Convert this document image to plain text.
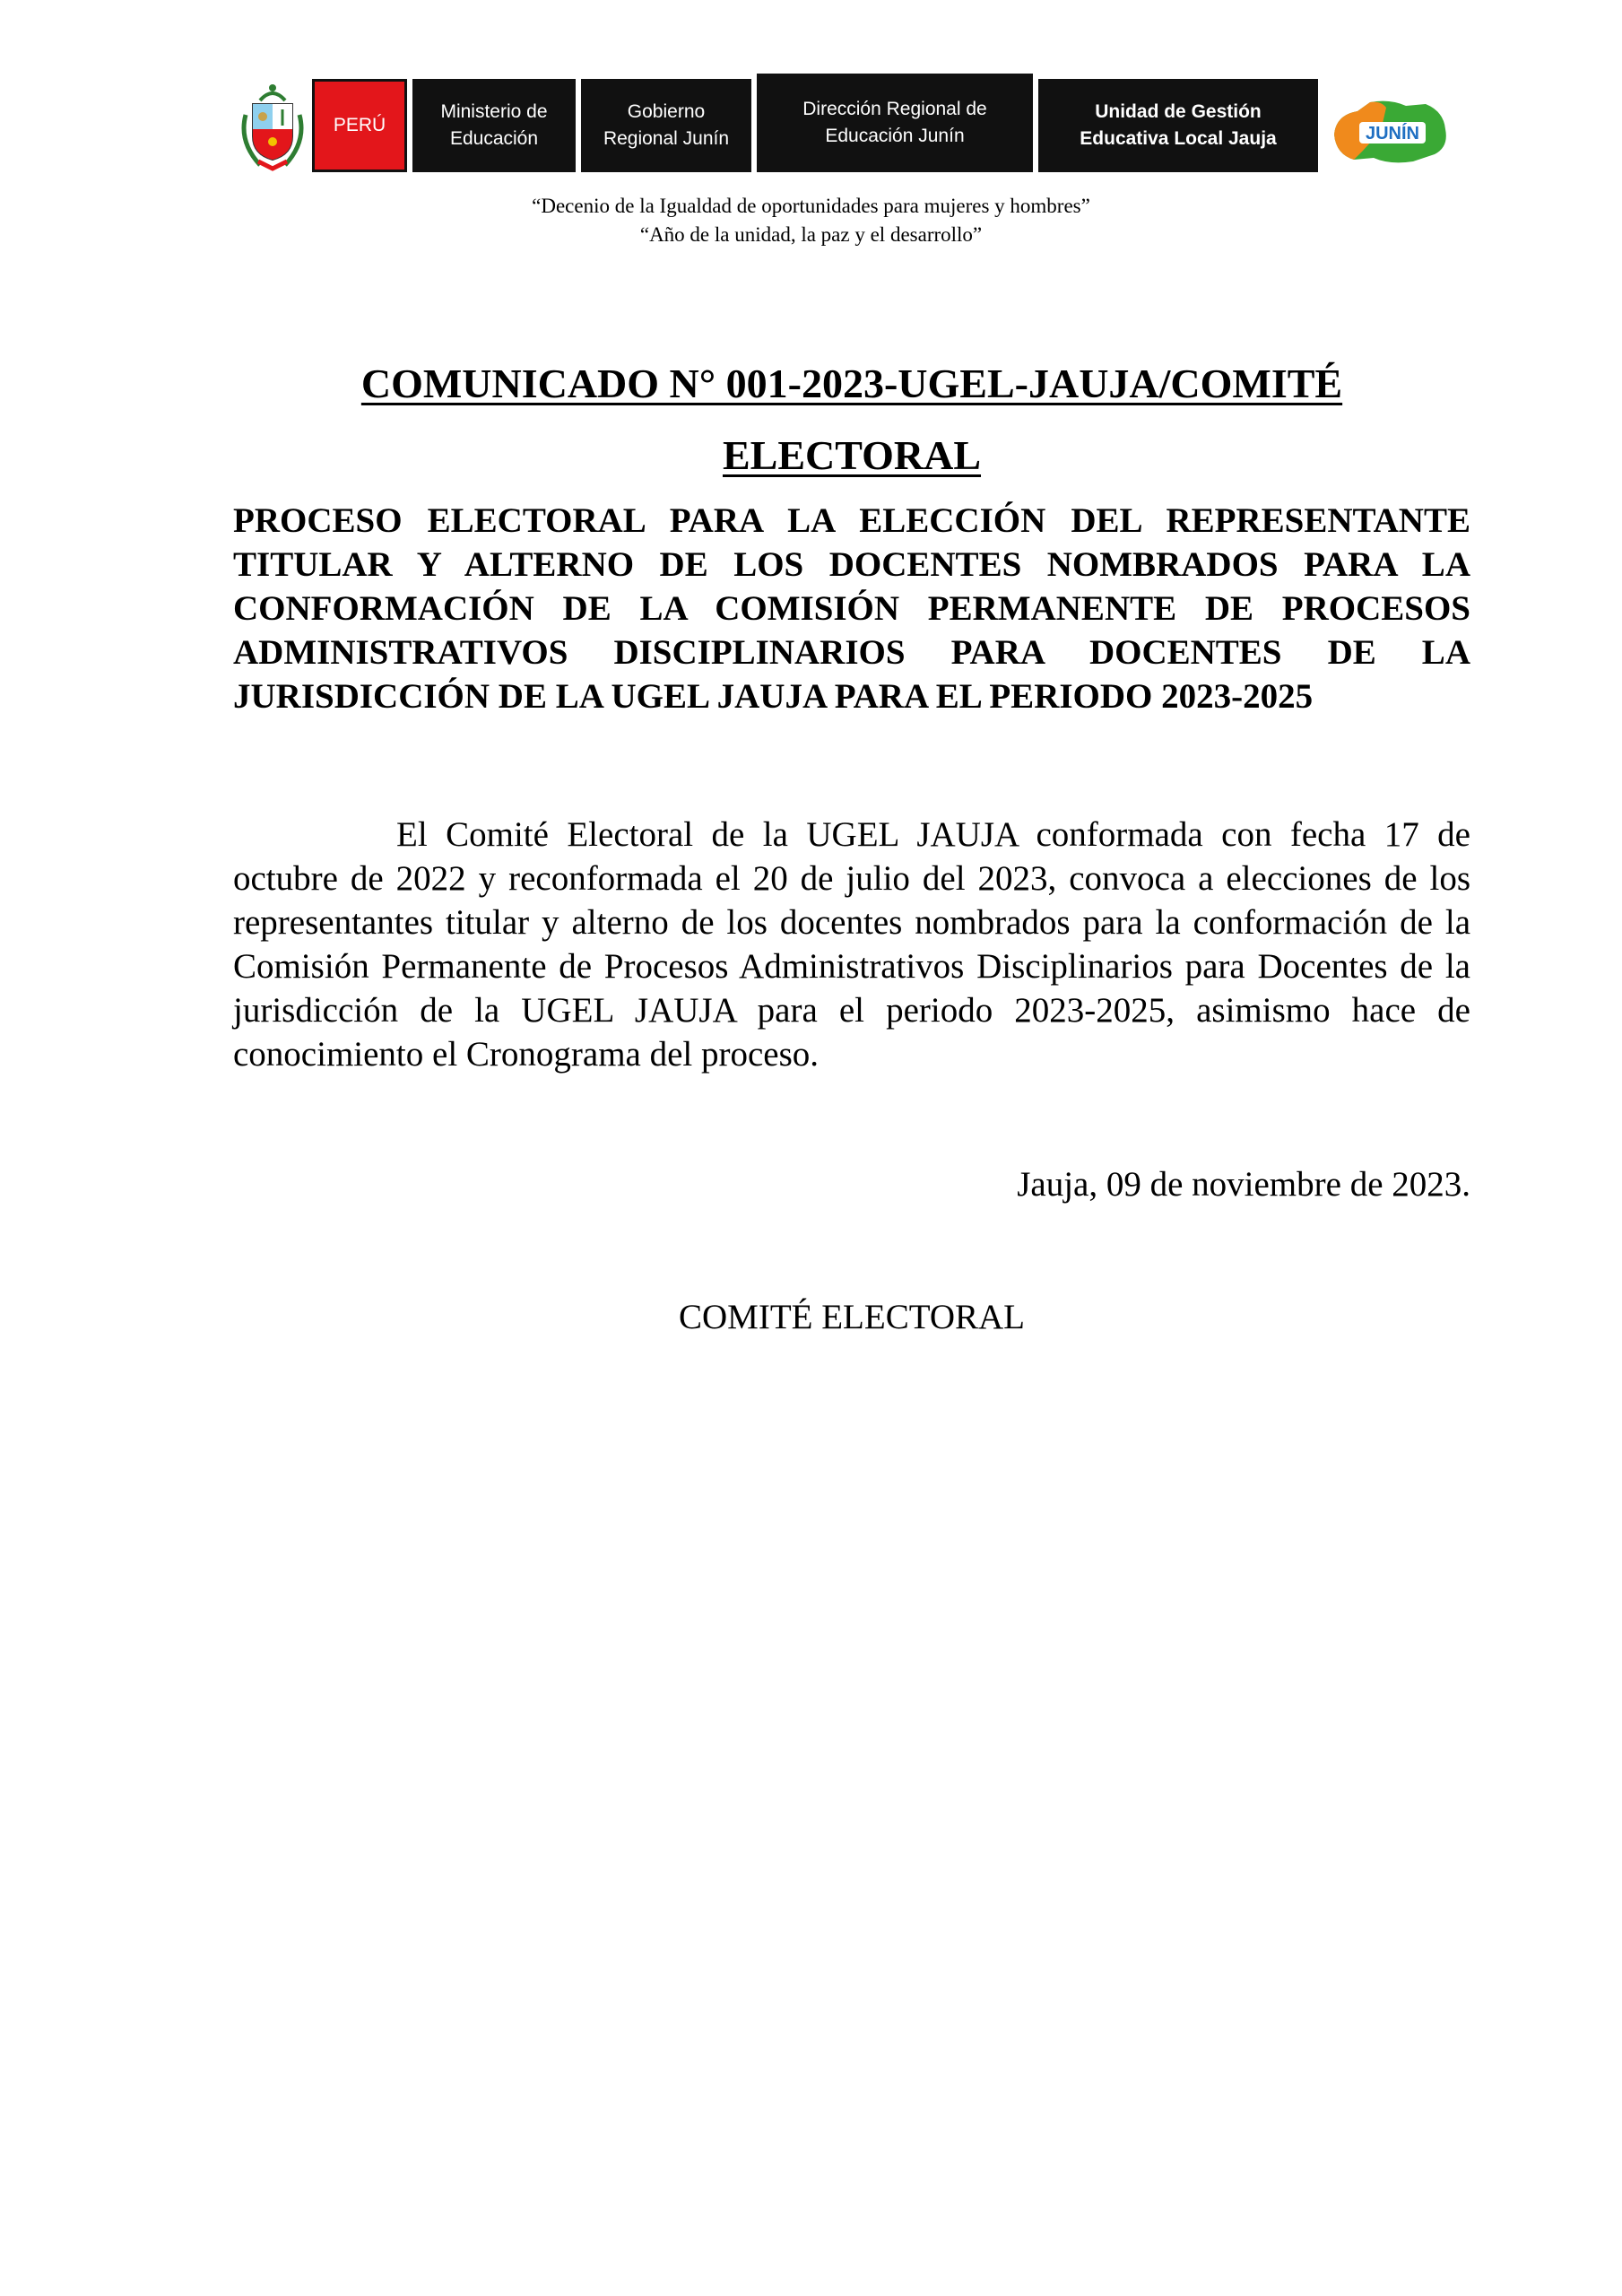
PERÚ
Ministerio de
Educación
Gobierno
Regional Junín
Dirección Regional de
Educación Junín
Unidad de Gestión
Educativa Local Jauja	JUNÍN
“Decenio de la Igualdad de oportunidades para mujeres y hombres”
“Año de la unidad, la paz y el desarrollo”
COMUNICADO N° 001-2023-UGEL-JAUJA/COMITÉ
ELECTORAL
PROCESO ELECTORAL PARA LA ELECCIÓN DEL REPRESENTANTE TITULAR Y ALTERNO DE LOS DOCENTES NOMBRADOS PARA LA CONFORMACIÓN DE LA COMISIÓN PERMANENTE DE PROCESOS ADMINISTRATIVOS DISCIPLINARIOS PARA DOCENTES DE LA JURISDICCIÓN DE LA UGEL JAUJA PARA EL PERIODO 2023-2025
El Comité Electoral de la UGEL JAUJA conformada con fecha 17 de octubre de 2022 y reconformada el 20 de julio del 2023, convoca a elecciones de los representantes titular y alterno de los docentes nombrados para la conformación de la Comisión Permanente de Procesos Administrativos Disciplinarios para Docentes de la jurisdicción de la UGEL JAUJA para el periodo 2023-2025, asimismo hace de conocimiento el Cronograma del proceso.
Jauja, 09 de noviembre de 2023.
COMITÉ ELECTORAL
